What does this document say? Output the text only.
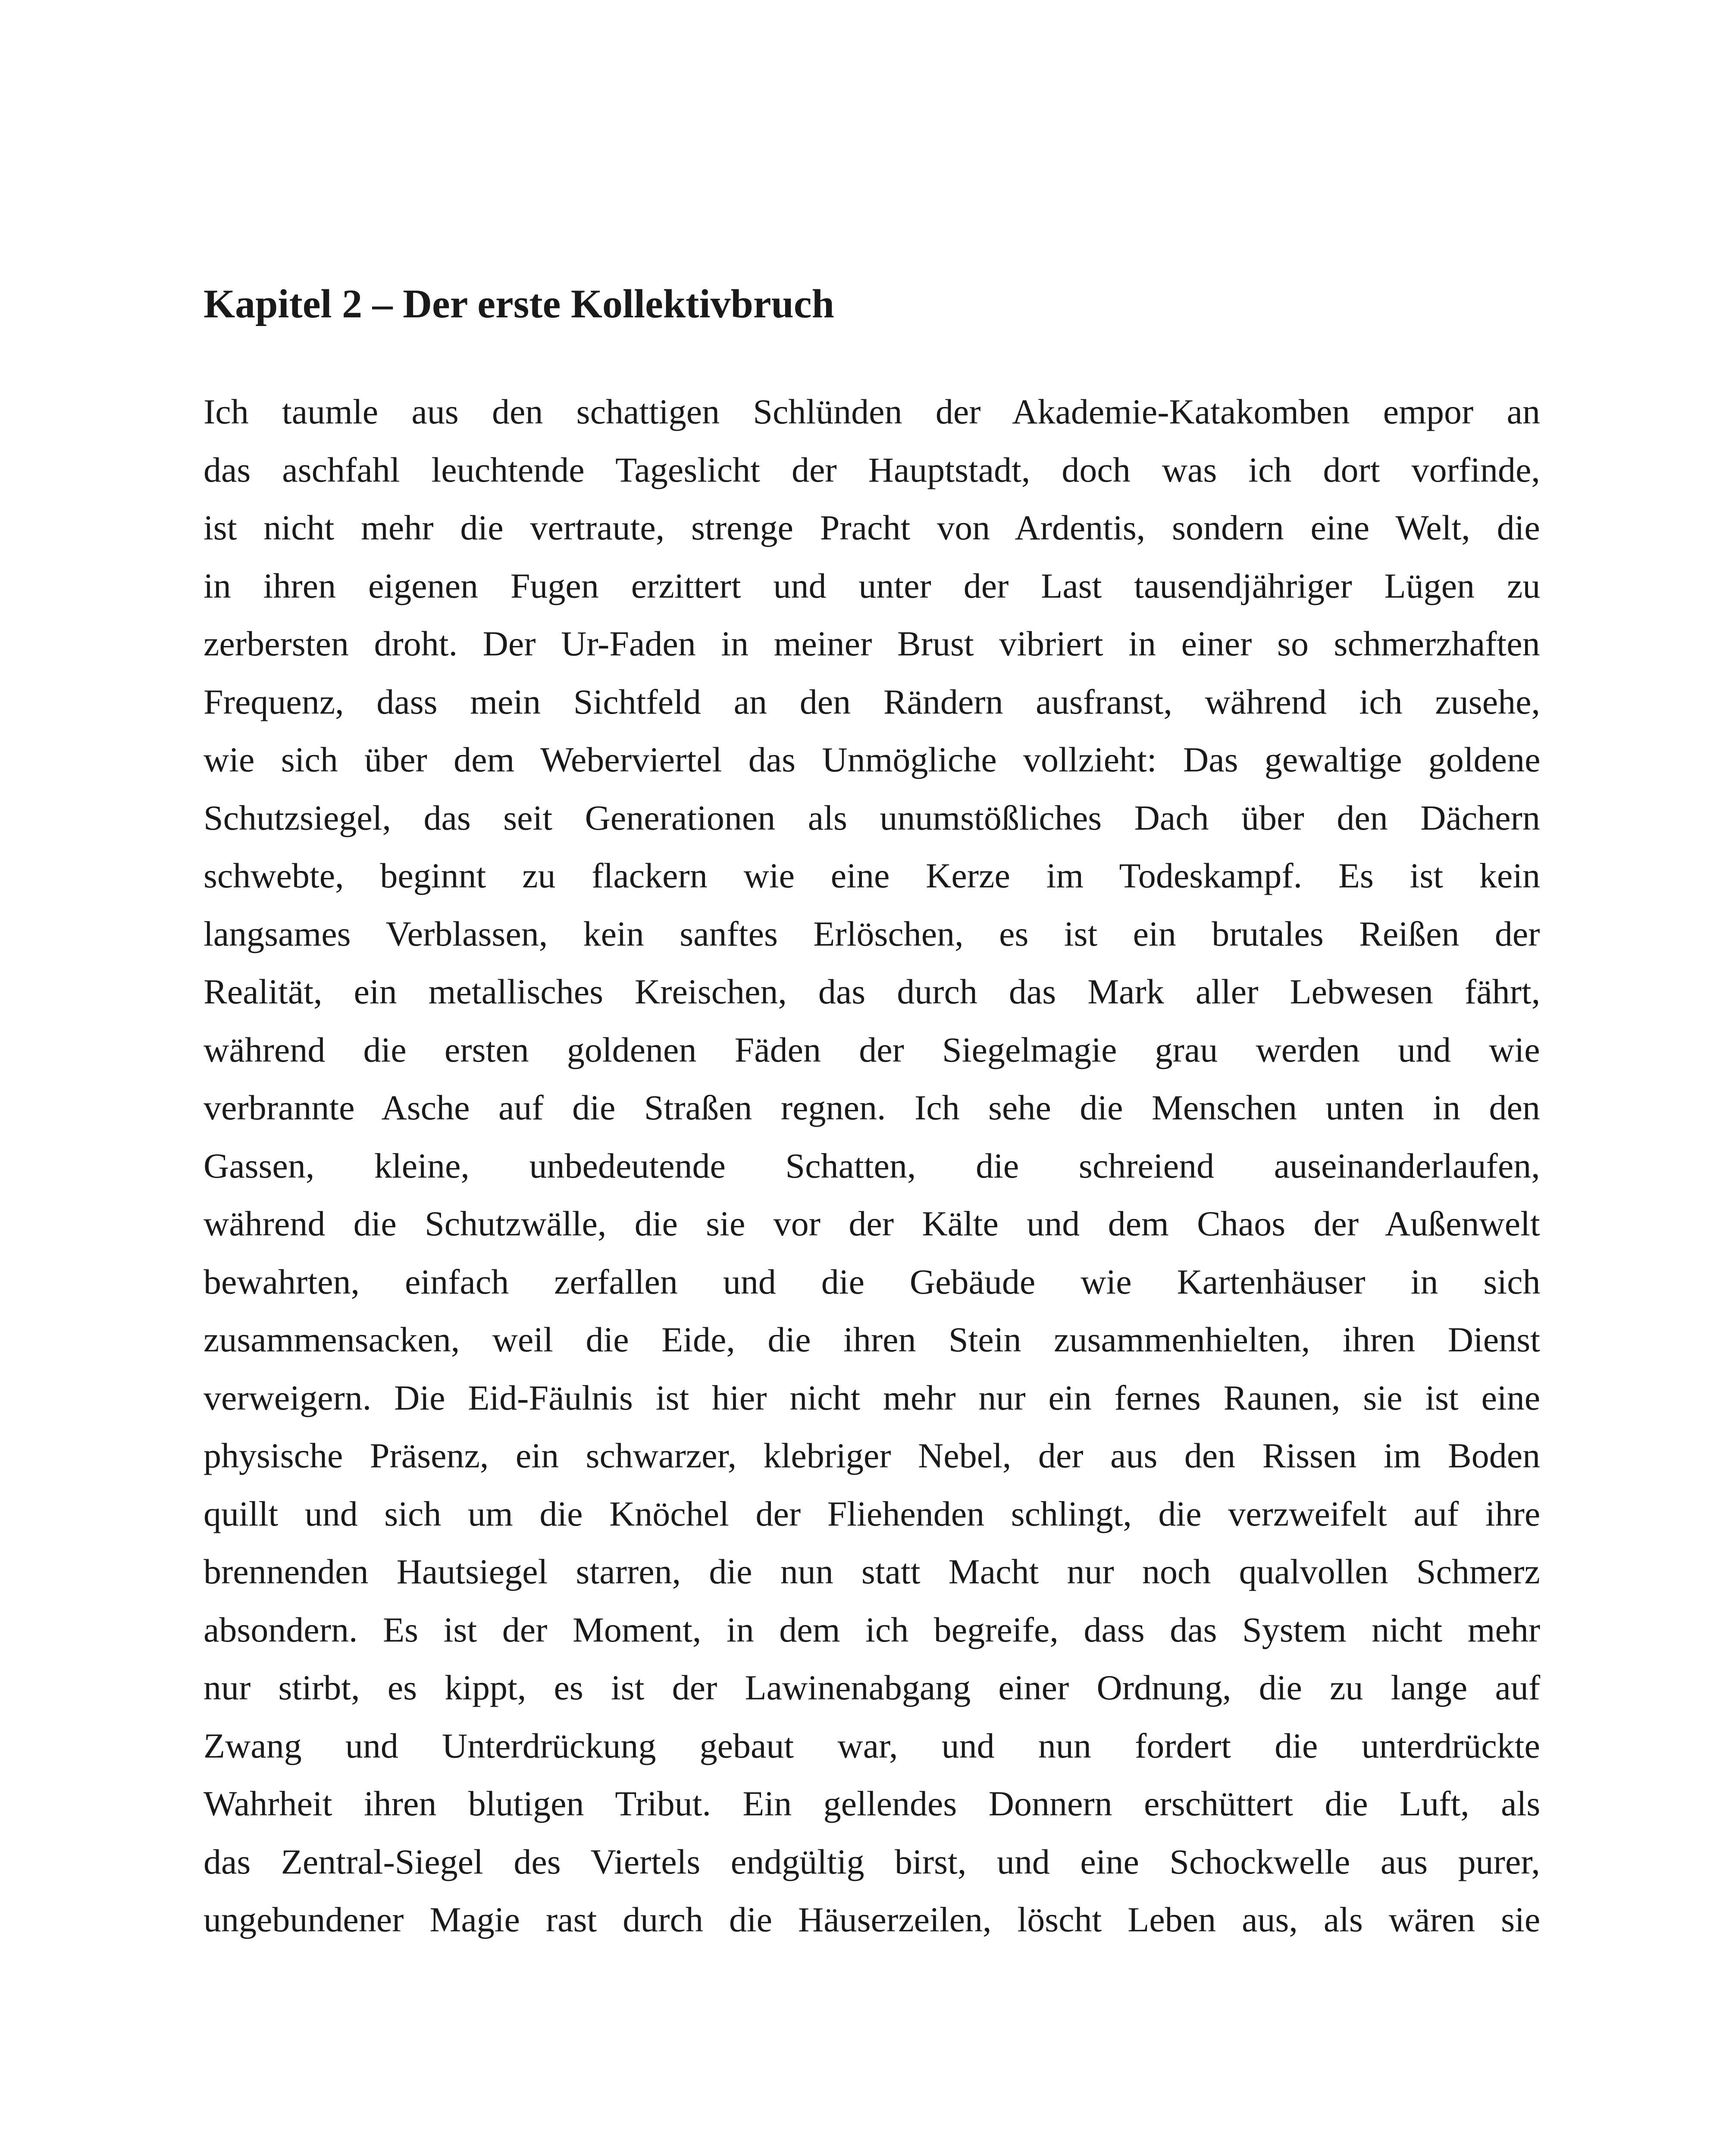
Kapitel 2 – Der erste Kollektivbruch
Ich taumle aus den schattigen Schlünden der Akademie-Katakomben empor an
das aschfahl leuchtende Tageslicht der Hauptstadt, doch was ich dort vorfinde,
ist nicht mehr die vertraute, strenge Pracht von Ardentis, sondern eine Welt, die
in ihren eigenen Fugen erzittert und unter der Last tausendjähriger Lügen zu
zerbersten droht. Der Ur-Faden in meiner Brust vibriert in einer so schmerzhaften
Frequenz, dass mein Sichtfeld an den Rändern ausfranst, während ich zusehe,
wie sich über dem Weberviertel das Unmögliche vollzieht: Das gewaltige goldene
Schutzsiegel, das seit Generationen als unumstößliches Dach über den Dächern
schwebte, beginnt zu flackern wie eine Kerze im Todeskampf. Es ist kein
langsames Verblassen, kein sanftes Erlöschen, es ist ein brutales Reißen der
Realität, ein metallisches Kreischen, das durch das Mark aller Lebwesen fährt,
während die ersten goldenen Fäden der Siegelmagie grau werden und wie
verbrannte Asche auf die Straßen regnen. Ich sehe die Menschen unten in den
Gassen, kleine, unbedeutende Schatten, die schreiend auseinanderlaufen,
während die Schutzwälle, die sie vor der Kälte und dem Chaos der Außenwelt
bewahrten, einfach zerfallen und die Gebäude wie Kartenhäuser in sich
zusammensacken, weil die Eide, die ihren Stein zusammenhielten, ihren Dienst
verweigern. Die Eid-Fäulnis ist hier nicht mehr nur ein fernes Raunen, sie ist eine
physische Präsenz, ein schwarzer, klebriger Nebel, der aus den Rissen im Boden
quillt und sich um die Knöchel der Fliehenden schlingt, die verzweifelt auf ihre
brennenden Hautsiegel starren, die nun statt Macht nur noch qualvollen Schmerz
absondern. Es ist der Moment, in dem ich begreife, dass das System nicht mehr
nur stirbt, es kippt, es ist der Lawinenabgang einer Ordnung, die zu lange auf
Zwang und Unterdrückung gebaut war, und nun fordert die unterdrückte
Wahrheit ihren blutigen Tribut. Ein gellendes Donnern erschüttert die Luft, als
das Zentral-Siegel des Viertels endgültig birst, und eine Schockwelle aus purer,
ungebundener Magie rast durch die Häuserzeilen, löscht Leben aus, als wären sie
